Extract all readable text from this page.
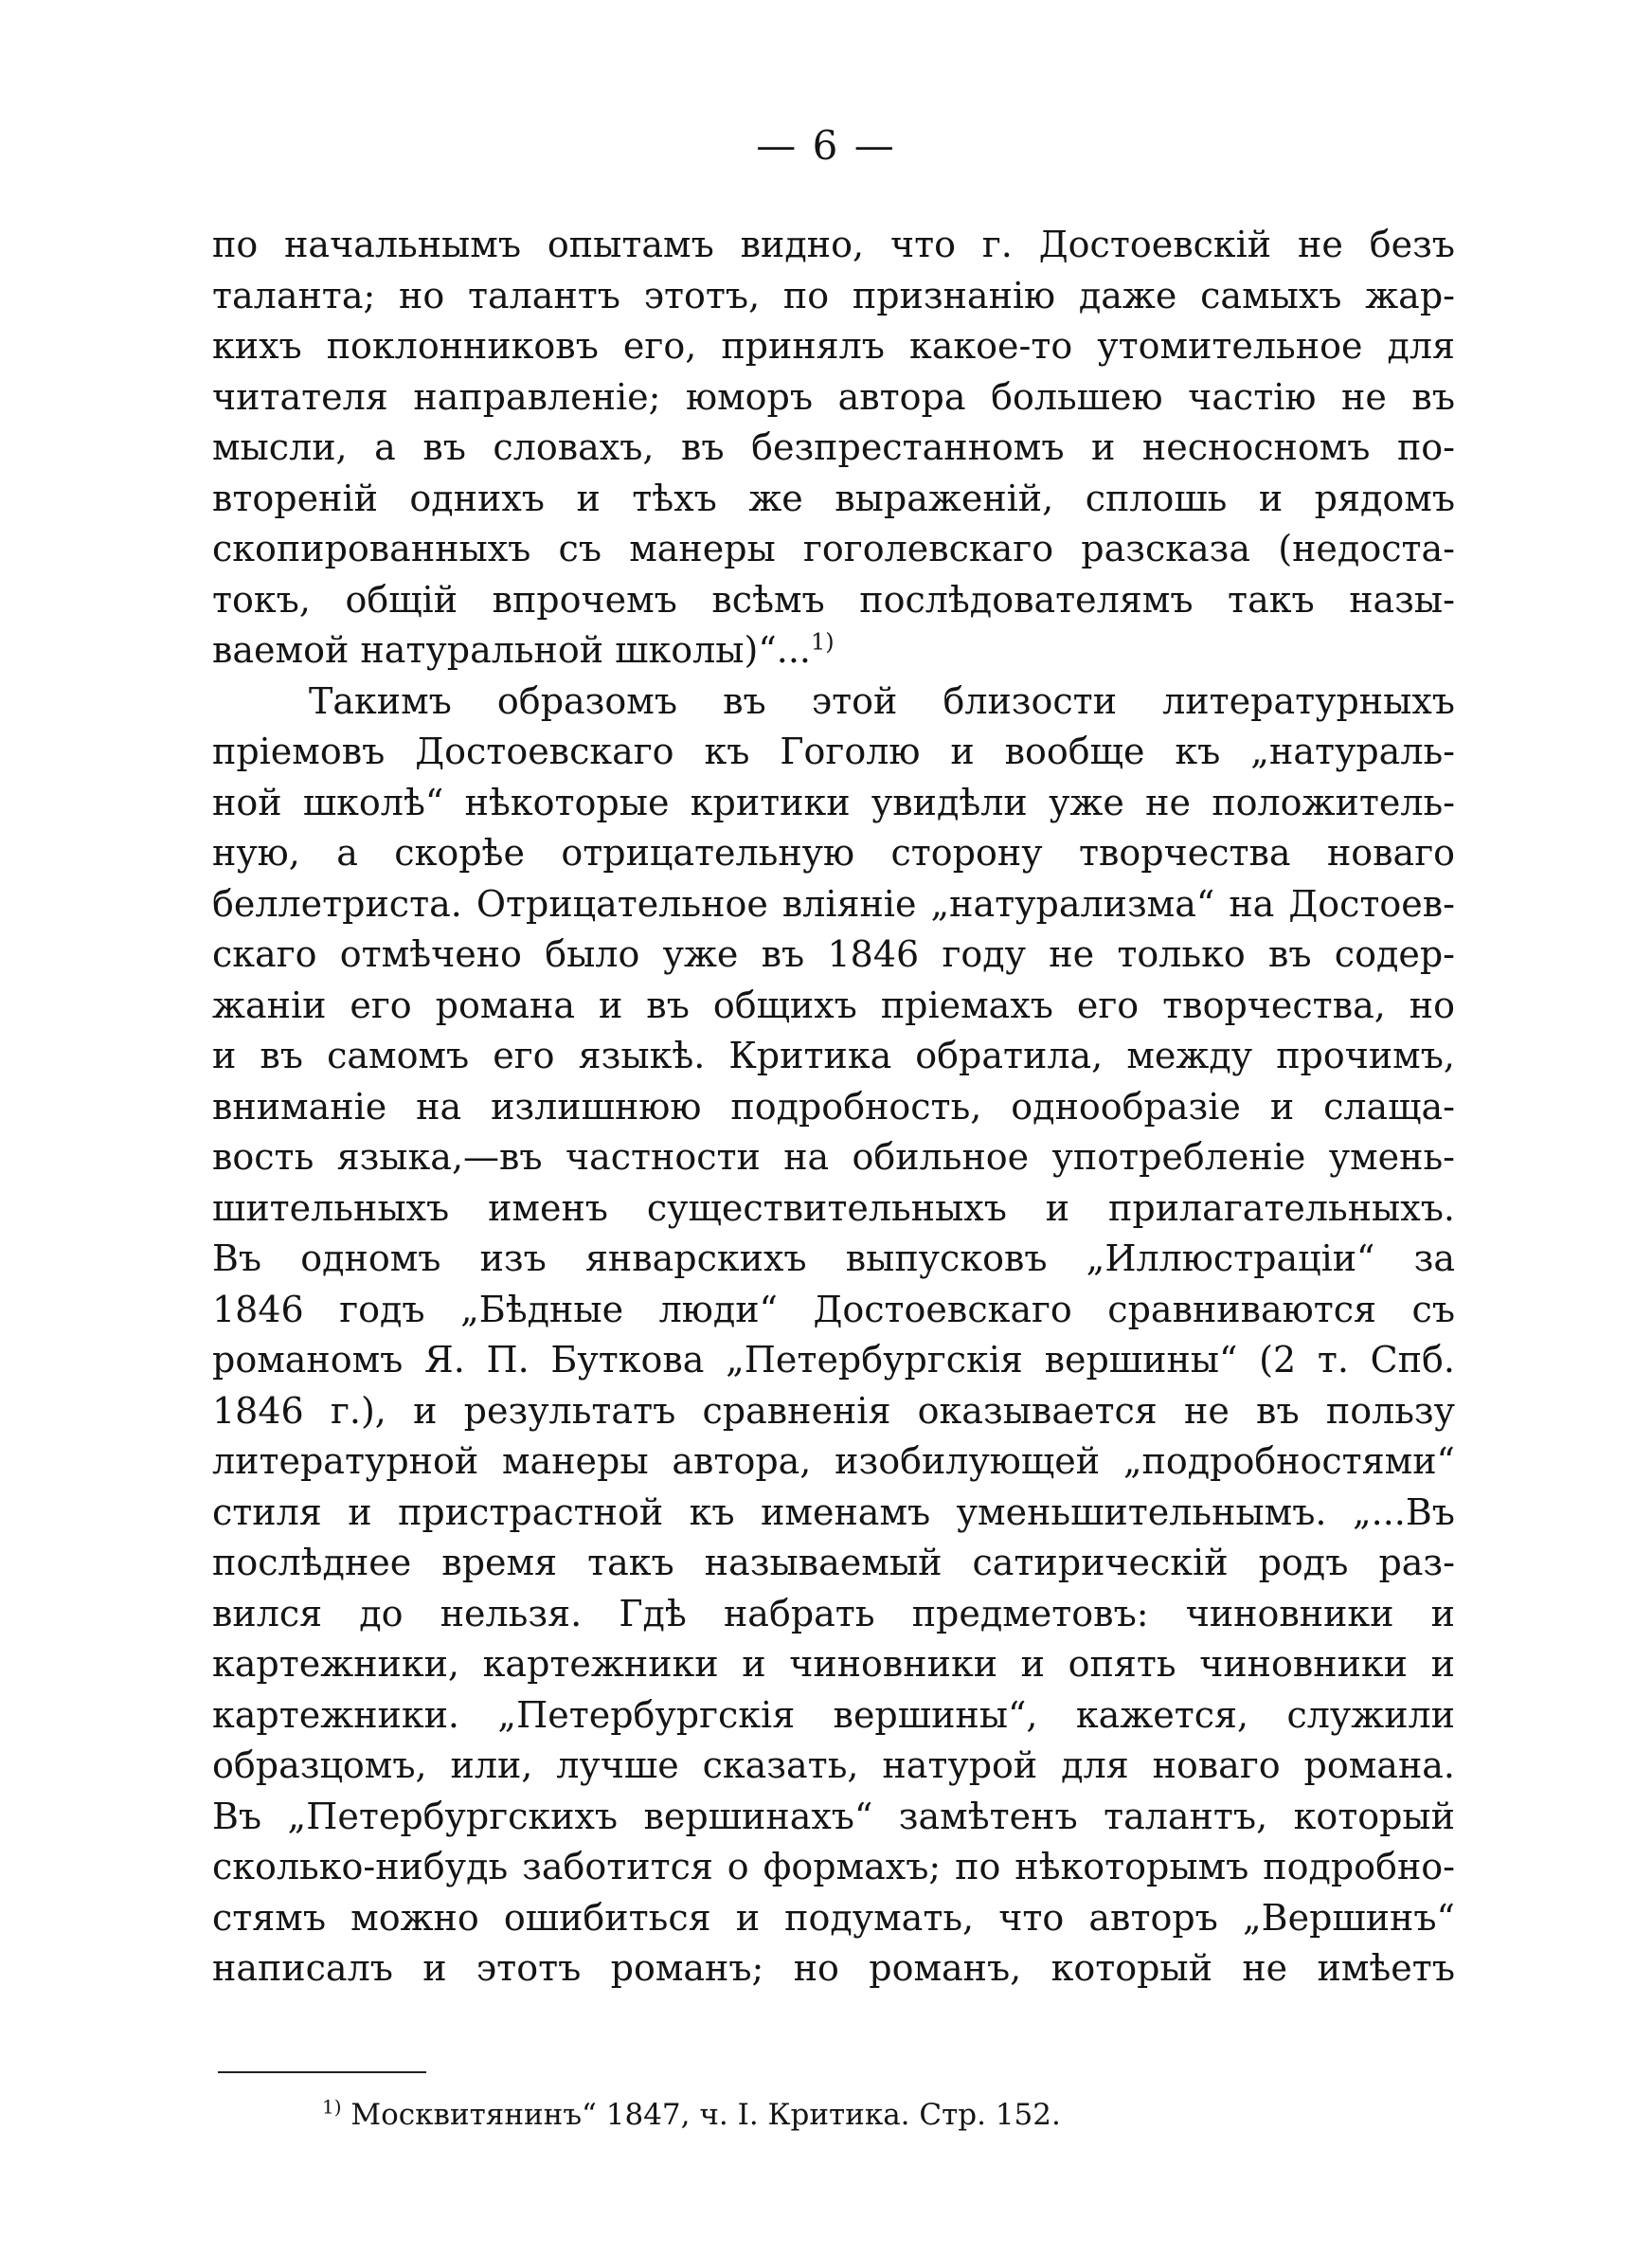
— 6 —
по начальнымъ опытамъ видно, что г. Достоевскій не безъ
таланта; но талантъ этотъ, по признанію даже самыхъ жар-
кихъ поклонниковъ его, принялъ какое-то утомительное для
читателя направленіе; юморъ автора большею частію не въ
мысли, а въ словахъ, въ безпрестанномъ и несносномъ по-
втореній однихъ и тѣхъ же выраженій, сплошь и рядомъ
скопированныхъ съ манеры гоголевскаго разсказа (недоста-
токъ, общій впрочемъ всѣмъ послѣдователямъ такъ назы-
ваемой натуральной школы)“...$^{1)}$
Такимъ образомъ въ этой близости литературныхъ
пріемовъ Достоевскаго къ Гоголю и вообще къ „натураль-
ной школѣ“ нѣкоторые критики увидѣли уже не положитель-
ную, а скорѣе отрицательную сторону творчества новаго
беллетриста. Отрицательное вліяніе „натурализма“ на Достоев-
скаго отмѣчено было уже въ 1846 году не только въ содер-
жаніи его романа и въ общихъ пріемахъ его творчества, но
и въ самомъ его языкѣ. Критика обратила, между прочимъ,
вниманіе на излишнюю подробность, однообразіе и слаща-
вость языка,—въ частности на обильное употребленіе умень-
шительныхъ именъ существительныхъ и прилагательныхъ.
Въ одномъ изъ январскихъ выпусковъ „Иллюстраціи“ за
1846 годъ „Бѣдные люди“ Достоевскаго сравниваются съ
романомъ Я. П. Буткова „Петербургскія вершины“ (2 т. Спб.
1846 г.), и результатъ сравненія оказывается не въ пользу
литературной манеры автора, изобилующей „подробностями“
стиля и пристрастной къ именамъ уменьшительнымъ. „...Въ
послѣднее время такъ называемый сатирическій родъ раз-
вился до нельзя. Гдѣ набрать предметовъ: чиновники и
картежники, картежники и чиновники и опять чиновники и
картежники. „Петербургскія вершины“, кажется, служили
образцомъ, или, лучше сказать, натурой для новаго романа.
Въ „Петербургскихъ вершинахъ“ замѣтенъ талантъ, который
сколько-нибудь заботится о формахъ; по нѣкоторымъ подробно-
стямъ можно ошибиться и подумать, что авторъ „Вершинъ“
написалъ и этотъ романъ; но романъ, который не имѣетъ
$^{1)}$ Москвитянинъ“ 1847, ч. I. Критика. Стр. 152.
